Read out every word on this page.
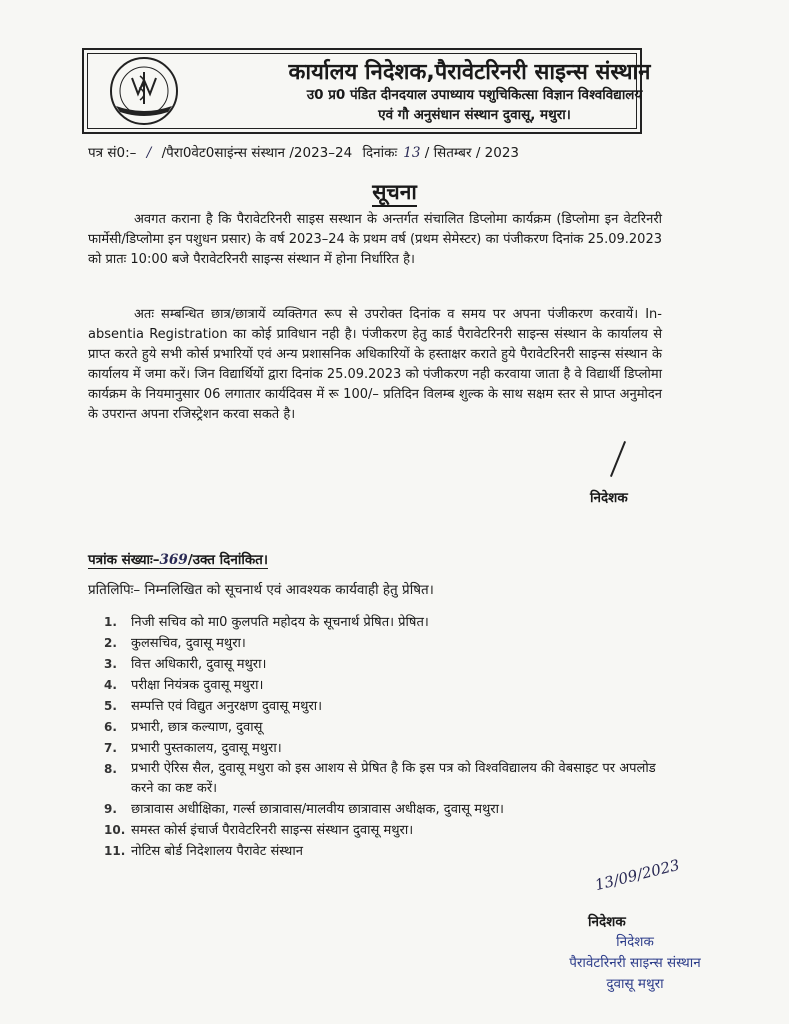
कार्यालय निदेशक,पैरावेटरिनरी साइन्स संस्थान
उ0 प्र0 पंडित दीनदयाल उपाध्याय पशुचिकित्सा विज्ञान विश्वविद्यालय
एवं गौ अनुसंधान संस्थान दुवासू, मथुरा।
पत्र सं0:– / /पैरा0वेट0साइंन्स संस्थान /2023–24 दिनांकः 13 / सितम्बर / 2023
सूचना
अवगत कराना है कि पैरावेटरिनरी साइस सस्थान के अन्तर्गत संचालित डिप्लोमा कार्यक्रम (डिप्लोमा इन वेटरिनरी फार्मेसी/डिप्लोमा इन पशुधन प्रसार) के वर्ष 2023–24 के प्रथम वर्ष (प्रथम सेमेस्टर) का पंजीकरण दिनांक 25.09.2023 को प्रातः 10:00 बजे पैरावेटरिनरी साइन्स संस्थान में होना निर्धारित है।
अतः सम्बन्धित छात्र/छात्रायें व्यक्तिगत रूप से उपरोक्त दिनांक व समय पर अपना पंजीकरण करवायें। In-absentia Registration का कोई प्राविधान नही है। पंजीकरण हेतु कार्ड पैरावेटरिनरी साइन्स संस्थान के कार्यालय से प्राप्त करते हुये सभी कोर्स प्रभारियों एवं अन्य प्रशासनिक अधिकारियों के हस्ताक्षर कराते हुये पैरावेटरिनरी साइन्स संस्थान के कार्यालय में जमा करें। जिन विद्यार्थियों द्वारा दिनांक 25.09.2023 को पंजीकरण नही करवाया जाता है वे विद्यार्थी डिप्लोमा कार्यक्रम के नियमानुसार 06 लगातार कार्यदिवस में रू 100/– प्रतिदिन विलम्ब शुल्क के साथ सक्षम स्तर से प्राप्त अनुमोदन के उपरान्त अपना रजिस्ट्रेशन करवा सकते है।
निदेशक
पत्रांक संख्याः–369/उक्त दिनांकित।
प्रतिलिपिः– निम्नलिखित को सूचनार्थ एवं आवश्यक कार्यवाही हेतु प्रेषित।
1.	निजी सचिव को मा0 कुलपति महोदय के सूचनार्थ प्रेषित। प्रेषित।
2.	कुलसचिव, दुवासू मथुरा।
3.	वित्त अधिकारी, दुवासू मथुरा।
4.	परीक्षा नियंत्रक दुवासू मथुरा।
5.	सम्पत्ति एवं विद्युत अनुरक्षण दुवासू मथुरा।
6.	प्रभारी, छात्र कल्याण, दुवासू
7.	प्रभारी पुस्तकालय, दुवासू मथुरा।
8.	प्रभारी ऐरिस सैल, दुवासू मथुरा को इस आशय से प्रेषित है कि इस पत्र को विश्वविद्यालय की वेबसाइट पर अपलोड करने का कष्ट करें।
9.	छात्रावास अधीक्षिका, गर्ल्स छात्रावास/मालवीय छात्रावास अधीक्षक, दुवासू मथुरा।
10. समस्त कोर्स इंचार्ज पैरावेटरिनरी साइन्स संस्थान दुवासू मथुरा।
11. नोटिस बोर्ड निदेशालय पैरावेट संस्थान
13/09/2023
निदेशक
निदेशक
पैरावेटरिनरी साइन्स संस्थान
दुवासू मथुरा
